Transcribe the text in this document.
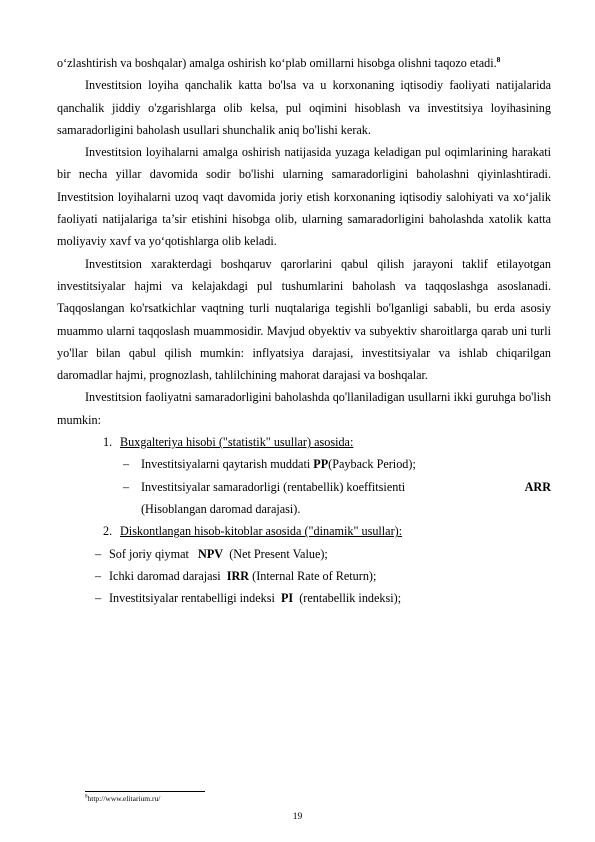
o‘zlashtirish va boshqalar) amalga oshirish ko‘plab omillarni hisobga olishni taqozo etadi.$^8$

Investitsion loyiha qanchalik katta bo'lsa va u korxonaning iqtisodiy faoliyati natijalarida qanchalik jiddiy o'zgarishlarga olib kelsa, pul oqimini hisoblash va investitsiya loyihasining samaradorligini baholash usullari shunchalik aniq bo'lishi kerak.

Investitsion loyihalarni amalga oshirish natijasida yuzaga keladigan pul oqimlarining harakati bir necha yillar davomida sodir bo'lishi ularning samaradorligini baholashni qiyinlashtiradi. Investitsion loyihalarni uzoq vaqt davomida joriy etish korxonaning iqtisodiy salohiyati va xo‘jalik faoliyati natijalariga ta’sir etishini hisobga olib, ularning samaradorligini baholashda xatolik katta moliyaviy xavf va yo‘qotishlarga olib keladi.

Investitsion xarakterdagi boshqaruv qarorlarini qabul qilish jarayoni taklif etilayotgan investitsiyalar hajmi va kelajakdagi pul tushumlarini baholash va taqqoslashga asoslanadi. Taqqoslangan ko'rsatkichlar vaqtning turli nuqtalariga tegishli bo'lganligi sababli, bu erda asosiy muammo ularni taqqoslash muammosidir. Mavjud obyektiv va subyektiv sharoitlarga qarab uni turli yo'llar bilan qabul qilish mumkin: inflyatsiya darajasi, investitsiyalar va ishlab chiqarilgan daromadlar hajmi, prognozlash, tahlilchining mahorat darajasi va boshqalar.

Investitsion faoliyatni samaradorligini baholashda qo'llaniladigan usullarni ikki guruhga bo'lish mumkin:

1. Buxgalteriya hisobi ("statistik" usullar) asosida:
– Investitsiyalarni qaytarish muddati PP(Payback Period);
– Investitsiyalar samaradorligi (rentabellik) koeffitsienti	ARR
(Hisoblangan daromad darajasi).
2. Diskontlangan hisob-kitoblar asosida ("dinamik" usullar):
– Sof joriy qiymat   NPV  (Net Present Value);
– Ichki daromad darajasi  IRR (Internal Rate of Return);
– Investitsiyalar rentabelligi indeksi  PI  (rentabellik indeksi);
$^8$http://www.elitarium.ru/
19
